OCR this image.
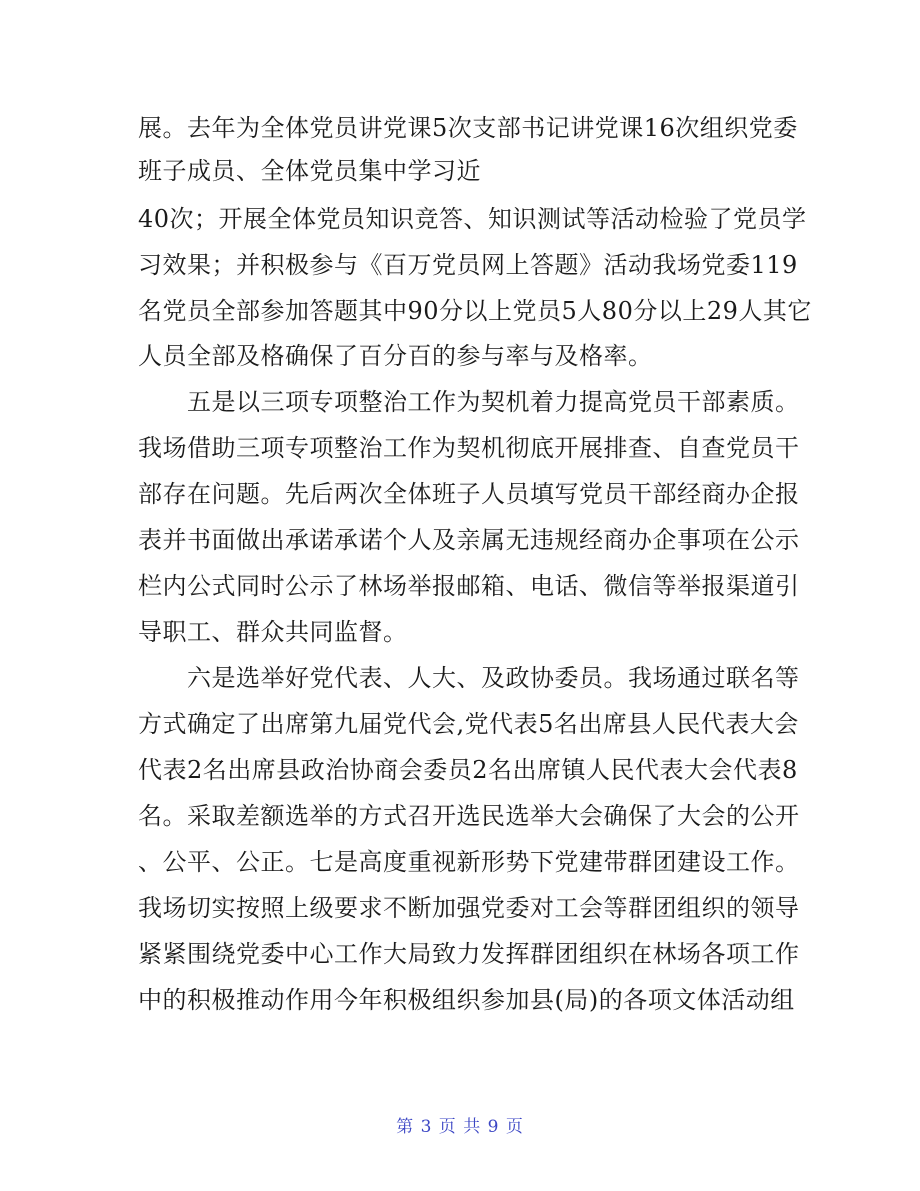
展。去年为全体党员讲党课5次支部书记讲党课16次组织党委
班子成员、全体党员集中学习近
40次；开展全体党员知识竞答、知识测试等活动检验了党员学
习效果；并积极参与《百万党员网上答题》活动我场党委119
名党员全部参加答题其中90分以上党员5人80分以上29人其它
人员全部及格确保了百分百的参与率与及格率。
　　五是以三项专项整治工作为契机着力提高党员干部素质。
我场借助三项专项整治工作为契机彻底开展排查、自查党员干
部存在问题。先后两次全体班子人员填写党员干部经商办企报
表并书面做出承诺承诺个人及亲属无违规经商办企事项在公示
栏内公式同时公示了林场举报邮箱、电话、微信等举报渠道引
导职工、群众共同监督。
　　六是选举好党代表、人大、及政协委员。我场通过联名等
方式确定了出席第九届党代会,党代表5名出席县人民代表大会
代表2名出席县政治协商会委员2名出席镇人民代表大会代表8
名。采取差额选举的方式召开选民选举大会确保了大会的公开
、公平、公正。七是高度重视新形势下党建带群团建设工作。
我场切实按照上级要求不断加强党委对工会等群团组织的领导
紧紧围绕党委中心工作大局致力发挥群团组织在林场各项工作
中的积极推动作用今年积极组织参加县(局)的各项文体活动组
第 3 页 共 9 页
